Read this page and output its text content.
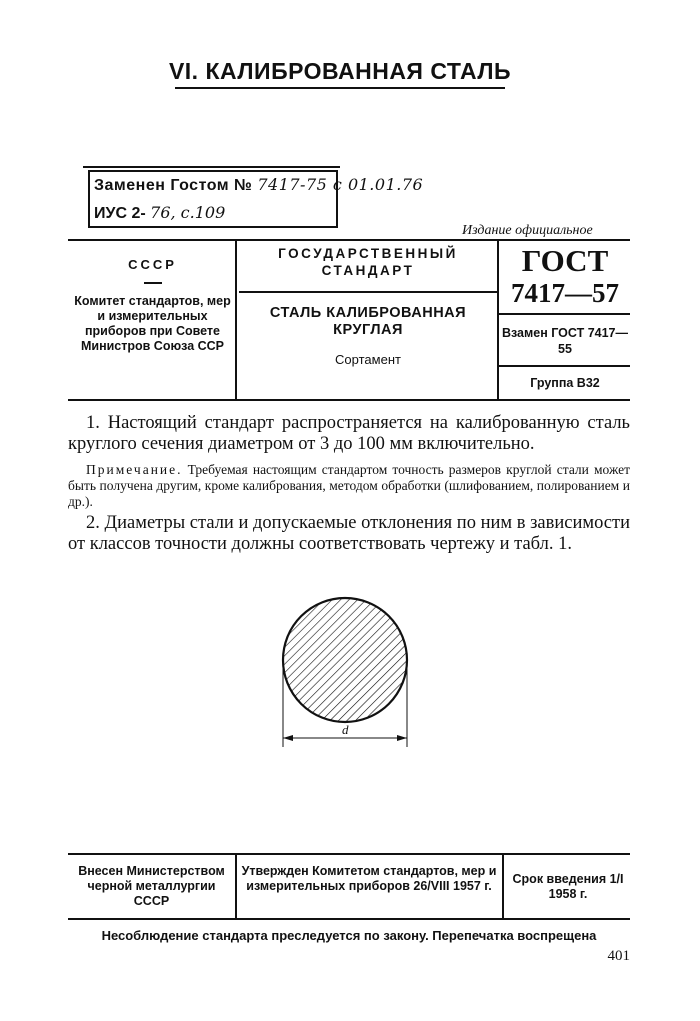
VI. КАЛИБРОВАННАЯ СТАЛЬ
Заменен Гостом № 7417-75 с 01.01.76
ИУС 2- 76, с.109
Издание официальное
СССР
Комитет стандартов, мер и измерительных приборов при Совете Министров Союза ССР
ГОСУДАРСТВЕННЫЙ СТАНДАРТ
СТАЛЬ КАЛИБРОВАННАЯ КРУГЛАЯ
Сортамент
ГОСТ
7417—57
Взамен ГОСТ 7417—55
Группа В32
1. Настоящий стандарт распространяется на калиброванную сталь круглого сечения диаметром от 3 до 100 мм включительно.
Примечание. Требуемая настоящим стандартом точность размеров круглой стали может быть получена другим, кроме калибрования, методом обработки (шлифованием, полированием и др.).
2. Диаметры стали и допускаемые отклонения по ним в зависимости от классов точности должны соответствовать чертежу и табл. 1.
d
Внесен Министерством черной металлургии СССР
Утвержден Комитетом стандартов, мер и измерительных приборов 26/VIII 1957 г.	Срок введения 1/I 1958 г.
Несоблюдение стандарта преследуется по закону. Перепечатка воспрещена
401
